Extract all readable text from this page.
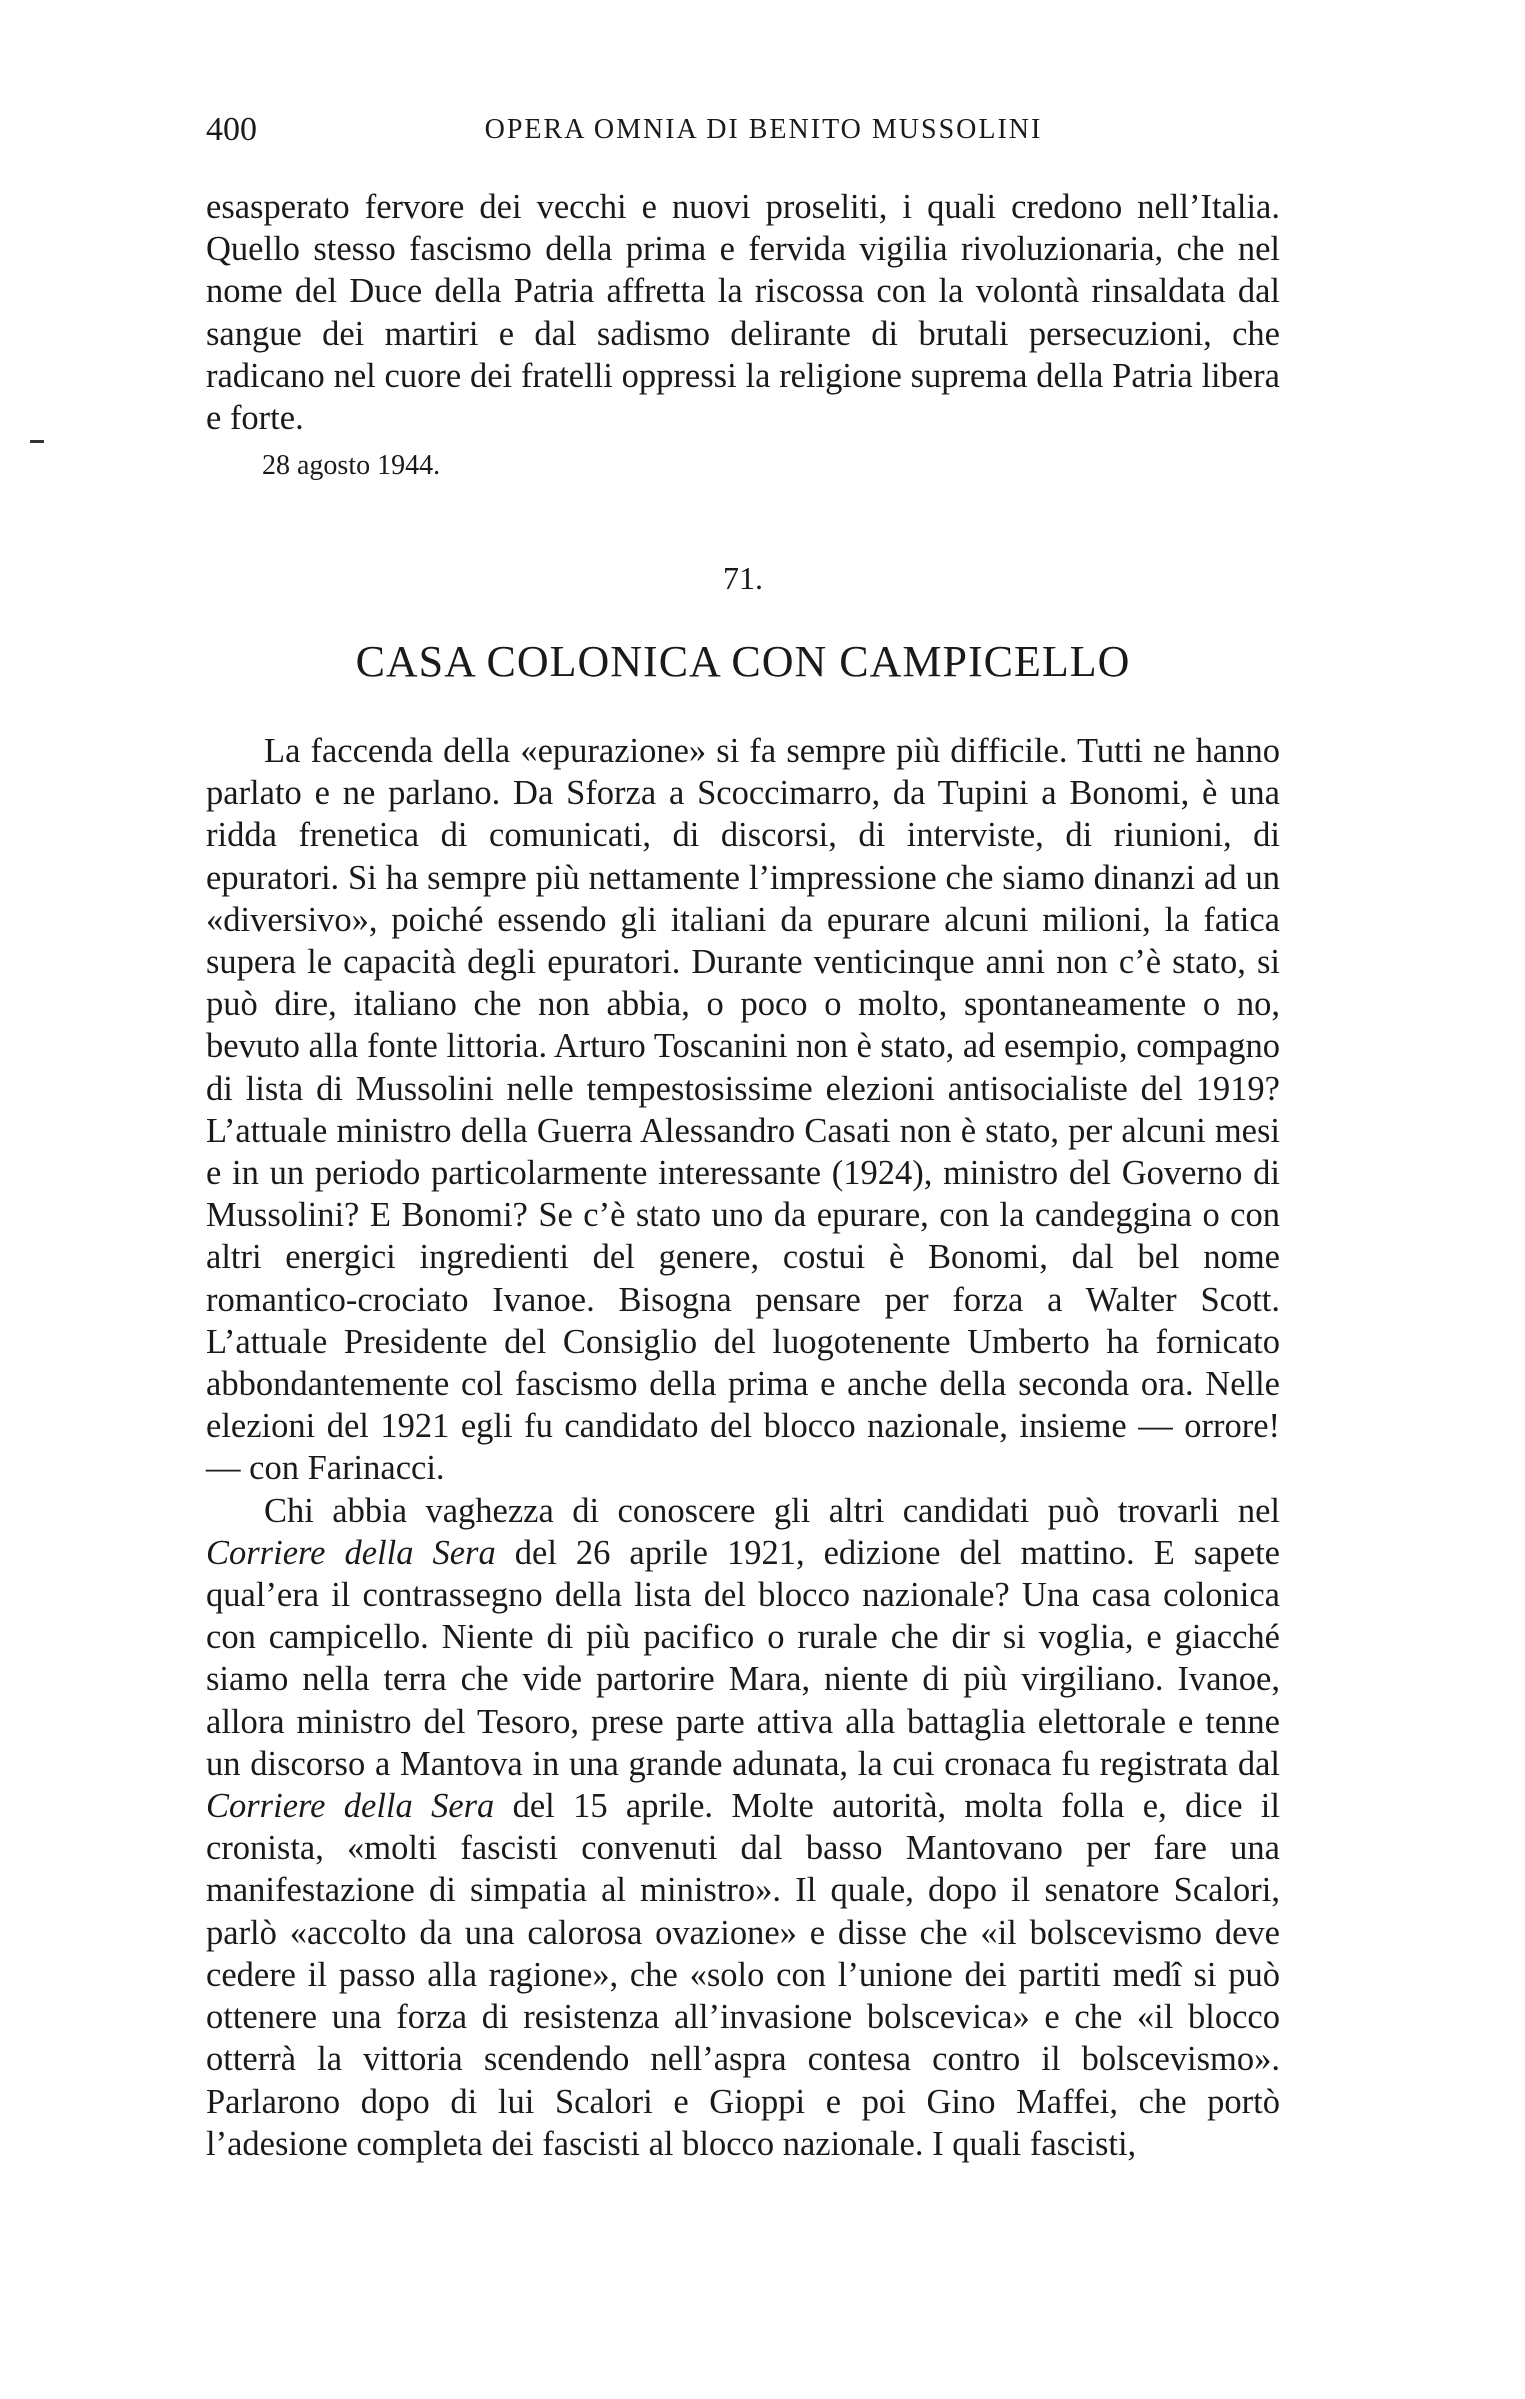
400	OPERA OMNIA DI BENITO MUSSOLINI

esasperato fervore dei vecchi e nuovi proseliti, i quali credono nell’Italia. Quello stesso fascismo della prima e fervida vigilia rivoluzionaria, che nel nome del Duce della Patria affretta la riscossa con la volontà rinsaldata dal sangue dei martiri e dal sadismo delirante di brutali persecuzioni, che radicano nel cuore dei fratelli oppressi la religione suprema della Patria libera e forte.

28 agosto 1944.
71.
CASA COLONICA CON CAMPICELLO

La faccenda della «epurazione» si fa sempre più difficile. Tutti ne hanno parlato e ne parlano. Da Sforza a Scoccimarro, da Tupini a Bonomi, è una ridda frenetica di comunicati, di discorsi, di interviste, di riunioni, di epuratori. Si ha sempre più nettamente l’impressione che siamo dinanzi ad un «diversivo», poiché essendo gli italiani da epurare alcuni milioni, la fatica supera le capacità degli epuratori. Durante venticinque anni non c’è stato, si può dire, italiano che non abbia, o poco o molto, spontaneamente o no, bevuto alla fonte littoria. Arturo Toscanini non è stato, ad esempio, compagno di lista di Mussolini nelle tempestosissime elezioni antisocialiste del 1919? L’attuale ministro della Guerra Alessandro Casati non è stato, per alcuni mesi e in un periodo particolarmente interessante (1924), ministro del Governo di Mussolini? E Bonomi? Se c’è stato uno da epurare, con la candeggina o con altri energici ingredienti del genere, costui è Bonomi, dal bel nome romantico-crociato Ivanoe. Bisogna pensare per forza a Walter Scott. L’attuale Presidente del Consiglio del luogotenente Umberto ha fornicato abbondantemente col fascismo della prima e anche della seconda ora. Nelle elezioni del 1921 egli fu candidato del blocco nazionale, insieme — orrore! — con Farinacci.

Chi abbia vaghezza di conoscere gli altri candidati può trovarli nel Corriere della Sera del 26 aprile 1921, edizione del mattino. E sapete qual’era il contrassegno della lista del blocco nazionale? Una casa colonica con campicello. Niente di più pacifico o rurale che dir si voglia, e giacché siamo nella terra che vide partorire Mara, niente di più virgiliano. Ivanoe, allora ministro del Tesoro, prese parte attiva alla battaglia elettorale e tenne un discorso a Mantova in una grande adunata, la cui cronaca fu registrata dal Corriere della Sera del 15 aprile. Molte autorità, molta folla e, dice il cronista, «molti fascisti convenuti dal basso Mantovano per fare una manifestazione di simpatia al ministro». Il quale, dopo il senatore Scalori, parlò «accolto da una calorosa ovazione» e disse che «il bolscevismo deve cedere il passo alla ragione», che «solo con l’unione dei partiti medî si può ottenere una forza di resistenza all’invasione bolscevica» e che «il blocco otterrà la vittoria scendendo nell’aspra contesa contro il bolscevismo». Parlarono dopo di lui Scalori e Gioppi e poi Gino Maffei, che portò l’adesione completa dei fascisti al blocco nazionale. I quali fascisti,
